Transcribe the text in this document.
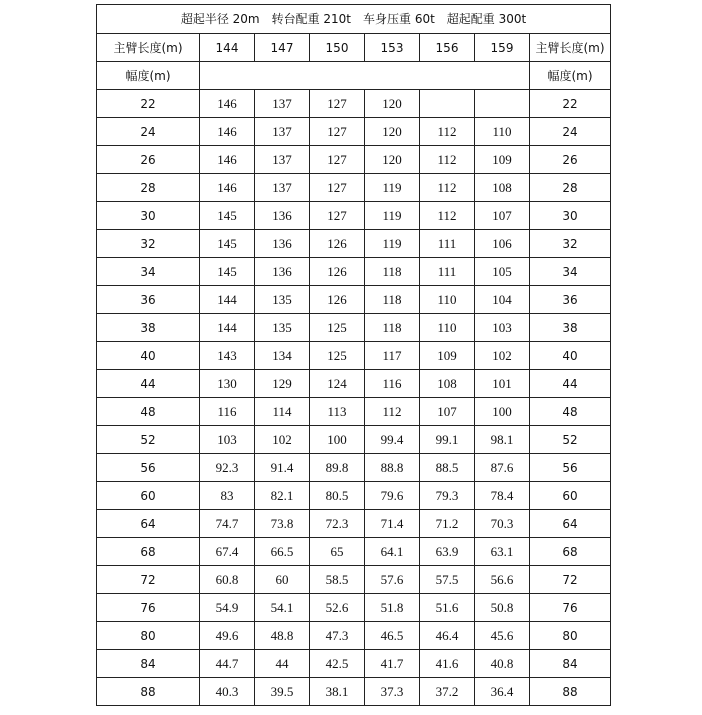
超起半径 20m　转台配重 210t　车身压重 60t　超起配重 300t							
主臂长度(m)	144	147	150	153	156	159	主臂长度(m)
幅度(m)							幅度(m)
22	146	137	127	120			22
24	146	137	127	120	112	110	24
26	146	137	127	120	112	109	26
28	146	137	127	119	112	108	28
30	145	136	127	119	112	107	30
32	145	136	126	119	111	106	32
34	145	136	126	118	111	105	34
36	144	135	126	118	110	104	36
38	144	135	125	118	110	103	38
40	143	134	125	117	109	102	40
44	130	129	124	116	108	101	44
48	116	114	113	112	107	100	48
52	103	102	100	99.4	99.1	98.1	52
56	92.3	91.4	89.8	88.8	88.5	87.6	56
60	83	82.1	80.5	79.6	79.3	78.4	60
64	74.7	73.8	72.3	71.4	71.2	70.3	64
68	67.4	66.5	65	64.1	63.9	63.1	68
72	60.8	60	58.5	57.6	57.5	56.6	72
76	54.9	54.1	52.6	51.8	51.6	50.8	76
80	49.6	48.8	47.3	46.5	46.4	45.6	80
84	44.7	44	42.5	41.7	41.6	40.8	84
88	40.3	39.5	38.1	37.3	37.2	36.4	88
